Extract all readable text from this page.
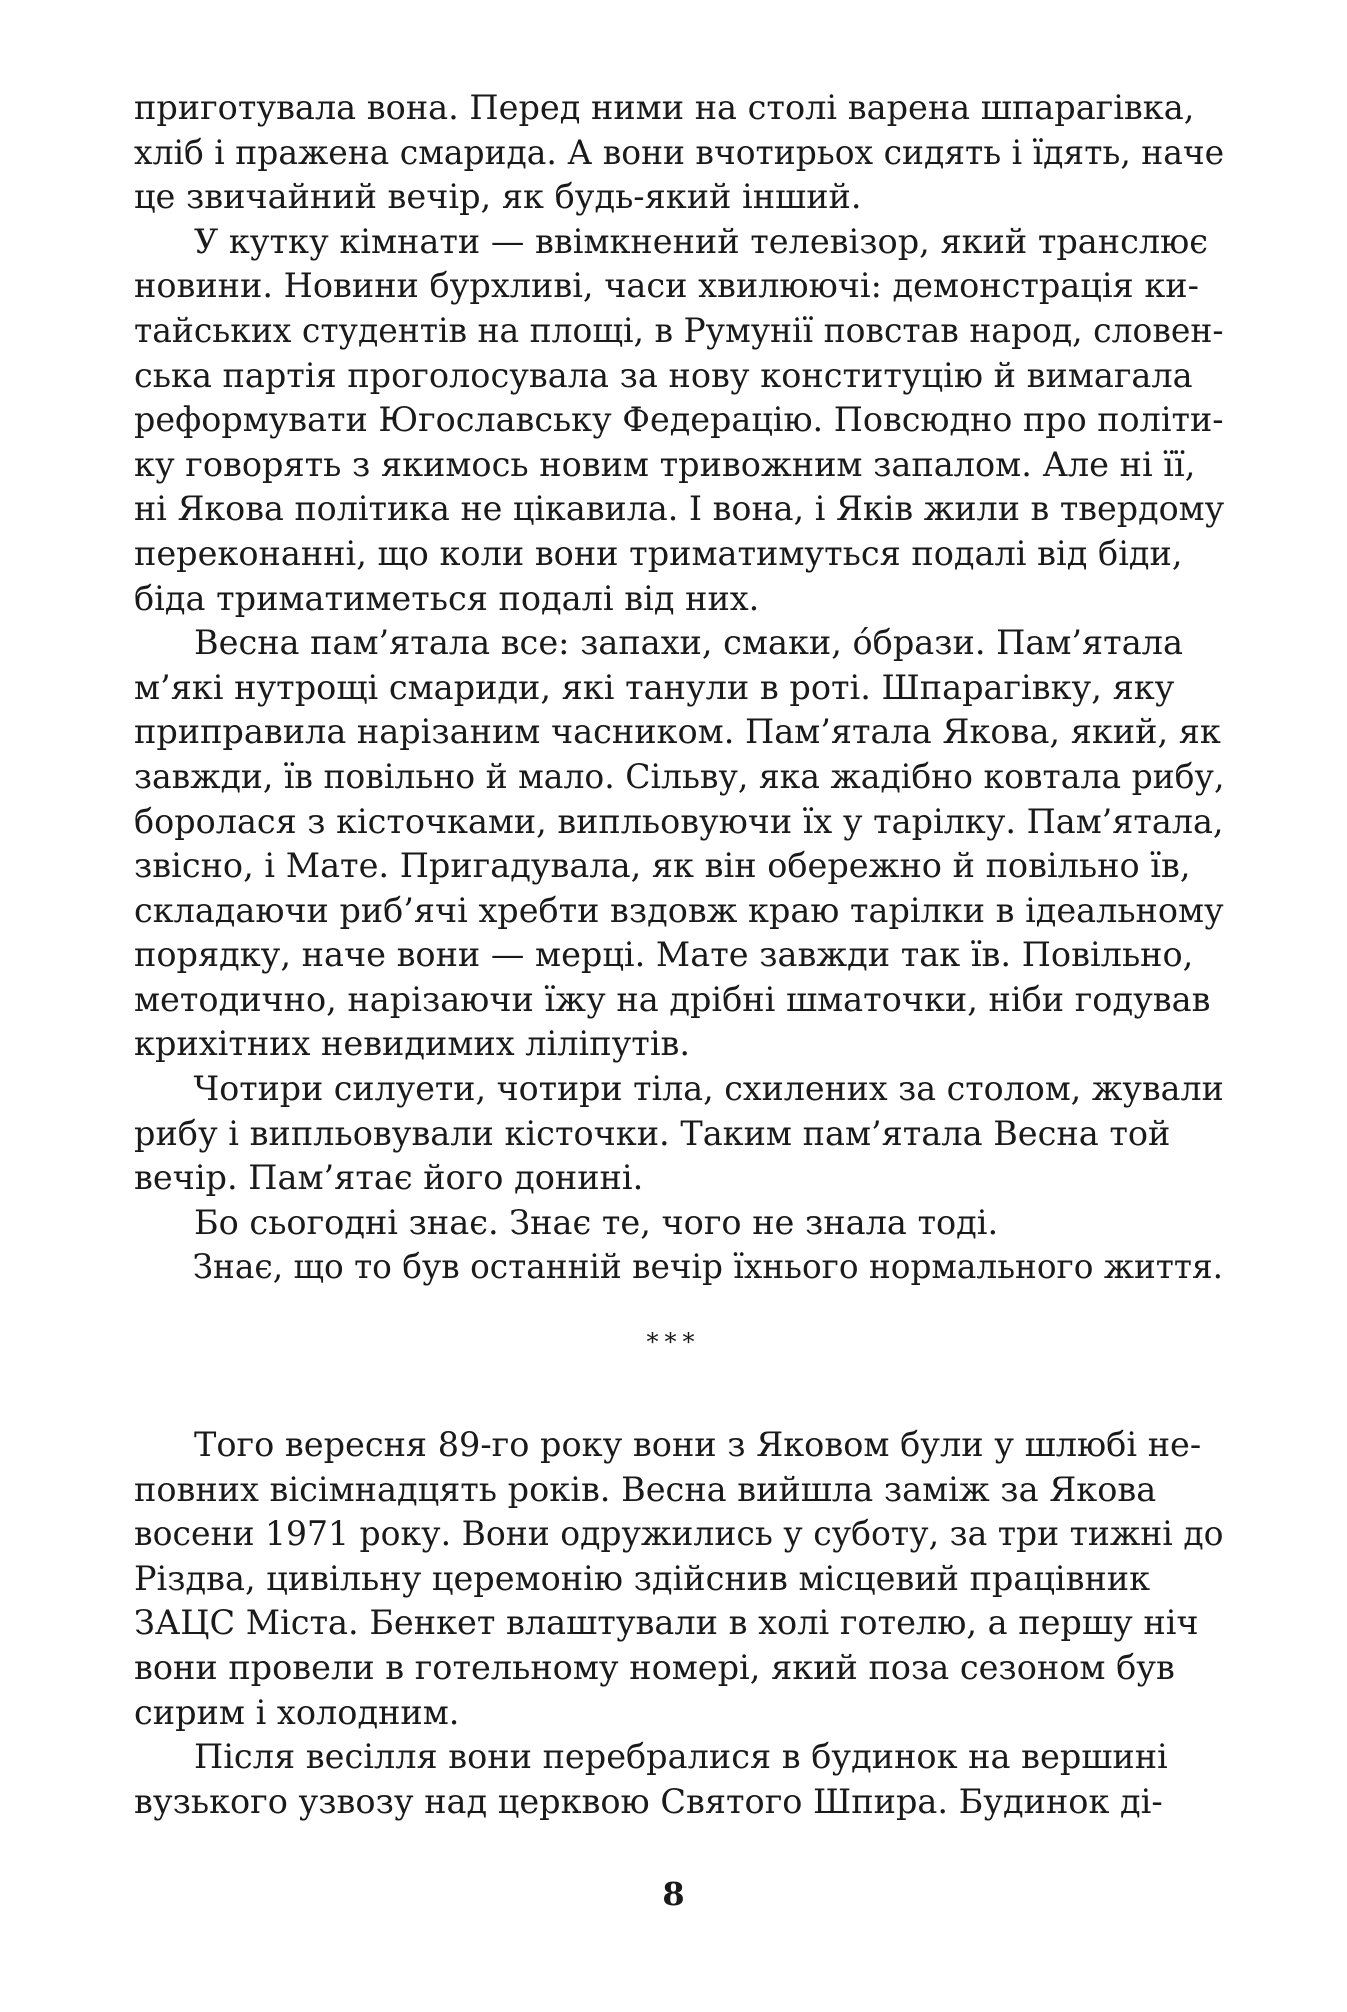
приготувала вона. Перед ними на столі варена шпарагівка,
хліб і пражена смарида. А вони вчотирьох сидять і їдять, наче
це звичайний вечір, як будь-який інший.
У кутку кімнати — ввімкнений телевізор, який транслює
новини. Новини бурхливі, часи хвилюючі: демонстрація ки-
тайських студентів на площі, в Румунії повстав народ, словен-
ська партія проголосувала за нову конституцію й вимагала
реформувати Югославську Федерацію. Повсюдно про політи-
ку говорять з якимось новим тривожним запалом. Але ні її,
ні Якова політика не цікавила. І вона, і Яків жили в твердому
переконанні, що коли вони триматимуться подалі від біди,
біда триматиметься подалі від них.
Весна пам’ятала все: запахи, смаки, óбрази. Пам’ятала
м’які нутрощі смариди, які танули в роті. Шпарагівку, яку
приправила нарізаним часником. Пам’ятала Якова, який, як
завжди, їв повільно й мало. Сільву, яка жадібно ковтала рибу,
боролася з кісточками, випльовуючи їх у тарілку. Пам’ятала,
звісно, і Мате. Пригадувала, як він обережно й повільно їв,
складаючи риб’ячі хребти вздовж краю тарілки в ідеальному
порядку, наче вони — мерці. Мате завжди так їв. Повільно,
методично, нарізаючи їжу на дрібні шматочки, ніби годував
крихітних невидимих ліліпутів.
Чотири силуети, чотири тіла, схилених за столом, жували
рибу і випльовували кісточки. Таким пам’ятала Весна той
вечір. Пам’ятає його донині.
Бо сьогодні знає. Знає те, чого не знала тоді.
Знає, що то був останній вечір їхнього нормального життя.
***
Того вересня 89-го року вони з Яковом були у шлюбі не-
повних вісімнадцять років. Весна вийшла заміж за Якова
восени 1971 року. Вони одружились у суботу, за три тижні до
Різдва, цивільну церемонію здійснив місцевий працівник
ЗАЦС Міста. Бенкет влаштували в холі готелю, а першу ніч
вони провели в готельному номері, який поза сезоном був
сирим і холодним.
Після весілля вони перебралися в будинок на вершині
вузького узвозу над церквою Святого Шпира. Будинок ді-
8
